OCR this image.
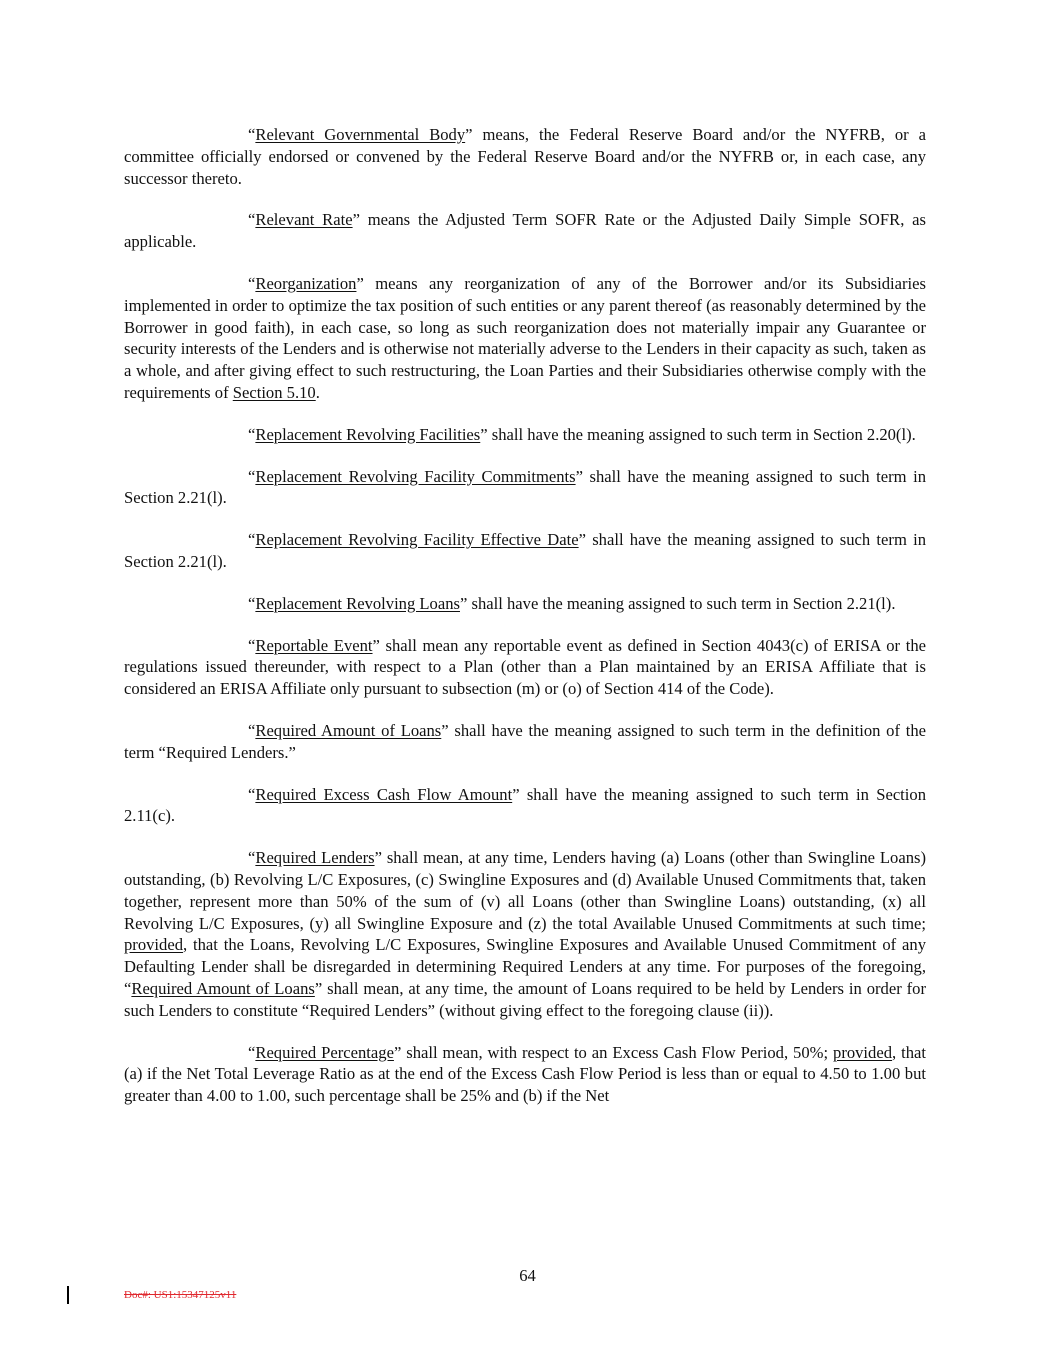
“Relevant Governmental Body” means, the Federal Reserve Board and/or the NYFRB, or a committee officially endorsed or convened by the Federal Reserve Board and/or the NYFRB or, in each case, any successor thereto.

“Relevant Rate” means the Adjusted Term SOFR Rate or the Adjusted Daily Simple SOFR, as applicable.

“Reorganization” means any reorganization of any of the Borrower and/or its Subsidiaries implemented in order to optimize the tax position of such entities or any parent thereof (as reasonably determined by the Borrower in good faith), in each case, so long as such reorganization does not materially impair any Guarantee or security interests of the Lenders and is otherwise not materially adverse to the Lenders in their capacity as such, taken as a whole, and after giving effect to such restructuring, the Loan Parties and their Subsidiaries otherwise comply with the requirements of Section 5.10.

“Replacement Revolving Facilities” shall have the meaning assigned to such term in Section 2.20(l).

“Replacement Revolving Facility Commitments” shall have the meaning assigned to such term in Section 2.21(l).

“Replacement Revolving Facility Effective Date” shall have the meaning assigned to such term in Section 2.21(l).

“Replacement Revolving Loans” shall have the meaning assigned to such term in Section 2.21(l).

“Reportable Event” shall mean any reportable event as defined in Section 4043(c) of ERISA or the regulations issued thereunder, with respect to a Plan (other than a Plan maintained by an ERISA Affiliate that is considered an ERISA Affiliate only pursuant to subsection (m) or (o) of Section 414 of the Code).

“Required Amount of Loans” shall have the meaning assigned to such term in the definition of the term “Required Lenders.”

“Required Excess Cash Flow Amount” shall have the meaning assigned to such term in Section 2.11(c).

“Required Lenders” shall mean, at any time, Lenders having (a) Loans (other than Swingline Loans) outstanding, (b) Revolving L/C Exposures, (c) Swingline Exposures and (d) Available Unused Commitments that, taken together, represent more than 50% of the sum of (v) all Loans (other than Swingline Loans) outstanding, (x) all Revolving L/C Exposures, (y) all Swingline Exposure and (z) the total Available Unused Commitments at such time; provided, that the Loans, Revolving L/C Exposures, Swingline Exposures and Available Unused Commitment of any Defaulting Lender shall be disregarded in determining Required Lenders at any time. For purposes of the foregoing, “Required Amount of Loans” shall mean, at any time, the amount of Loans required to be held by Lenders in order for such Lenders to constitute “Required Lenders” (without giving effect to the foregoing clause (ii)).

“Required Percentage” shall mean, with respect to an Excess Cash Flow Period, 50%; provided, that (a) if the Net Total Leverage Ratio as at the end of the Excess Cash Flow Period is less than or equal to 4.50 to 1.00 but greater than 4.00 to 1.00, such percentage shall be 25% and (b) if the Net

64
Doc#: US1:15347125v11
